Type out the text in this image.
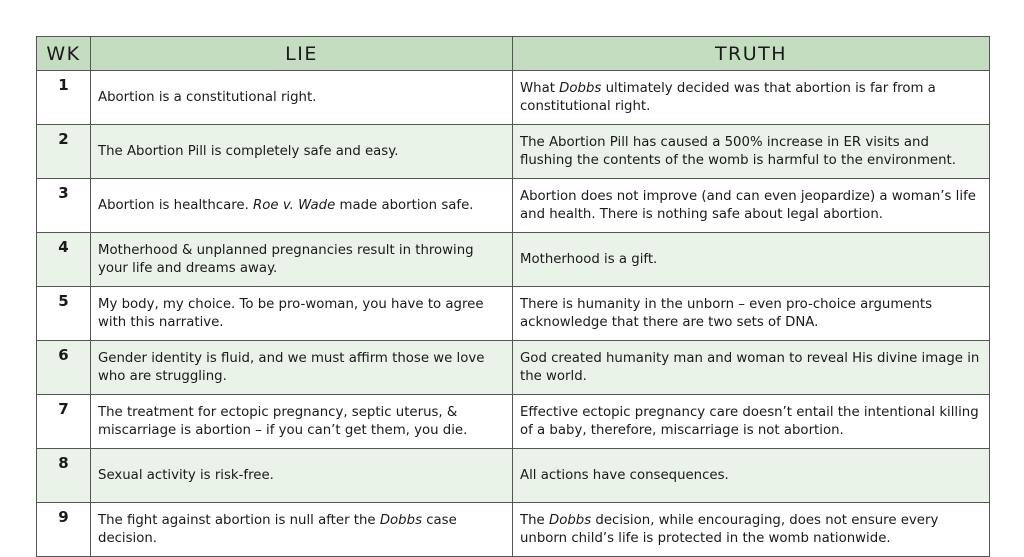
WK	LIE	TRUTH
1	Abortion is a constitutional right.	What Dobbs ultimately decided was that abortion is far from a constitutional right.
2	The Abortion Pill is completely safe and easy.	The Abortion Pill has caused a 500% increase in ER visits and flushing the contents of the womb is harmful to the environment.
3	Abortion is healthcare. Roe v. Wade made abortion safe.	Abortion does not improve (and can even jeopardize) a woman’s life and health. There is nothing safe about legal abortion.
4	Motherhood & unplanned pregnancies result in throwing your life and dreams away.	Motherhood is a gift.
5	My body, my choice. To be pro-woman, you have to agree with this narrative.	There is humanity in the unborn – even pro-choice arguments acknowledge that there are two sets of DNA.
6	Gender identity is fluid, and we must affirm those we love who are struggling.	God created humanity man and woman to reveal His divine image in the world.
7	The treatment for ectopic pregnancy, septic uterus, & miscarriage is abortion – if you can’t get them, you die.	Effective ectopic pregnancy care doesn’t entail the intentional killing of a baby, therefore, miscarriage is not abortion.
8	Sexual activity is risk-free.	All actions have consequences.
9	The fight against abortion is null after the Dobbs case decision.	The Dobbs decision, while encouraging, does not ensure every unborn child’s life is protected in the womb nationwide.
